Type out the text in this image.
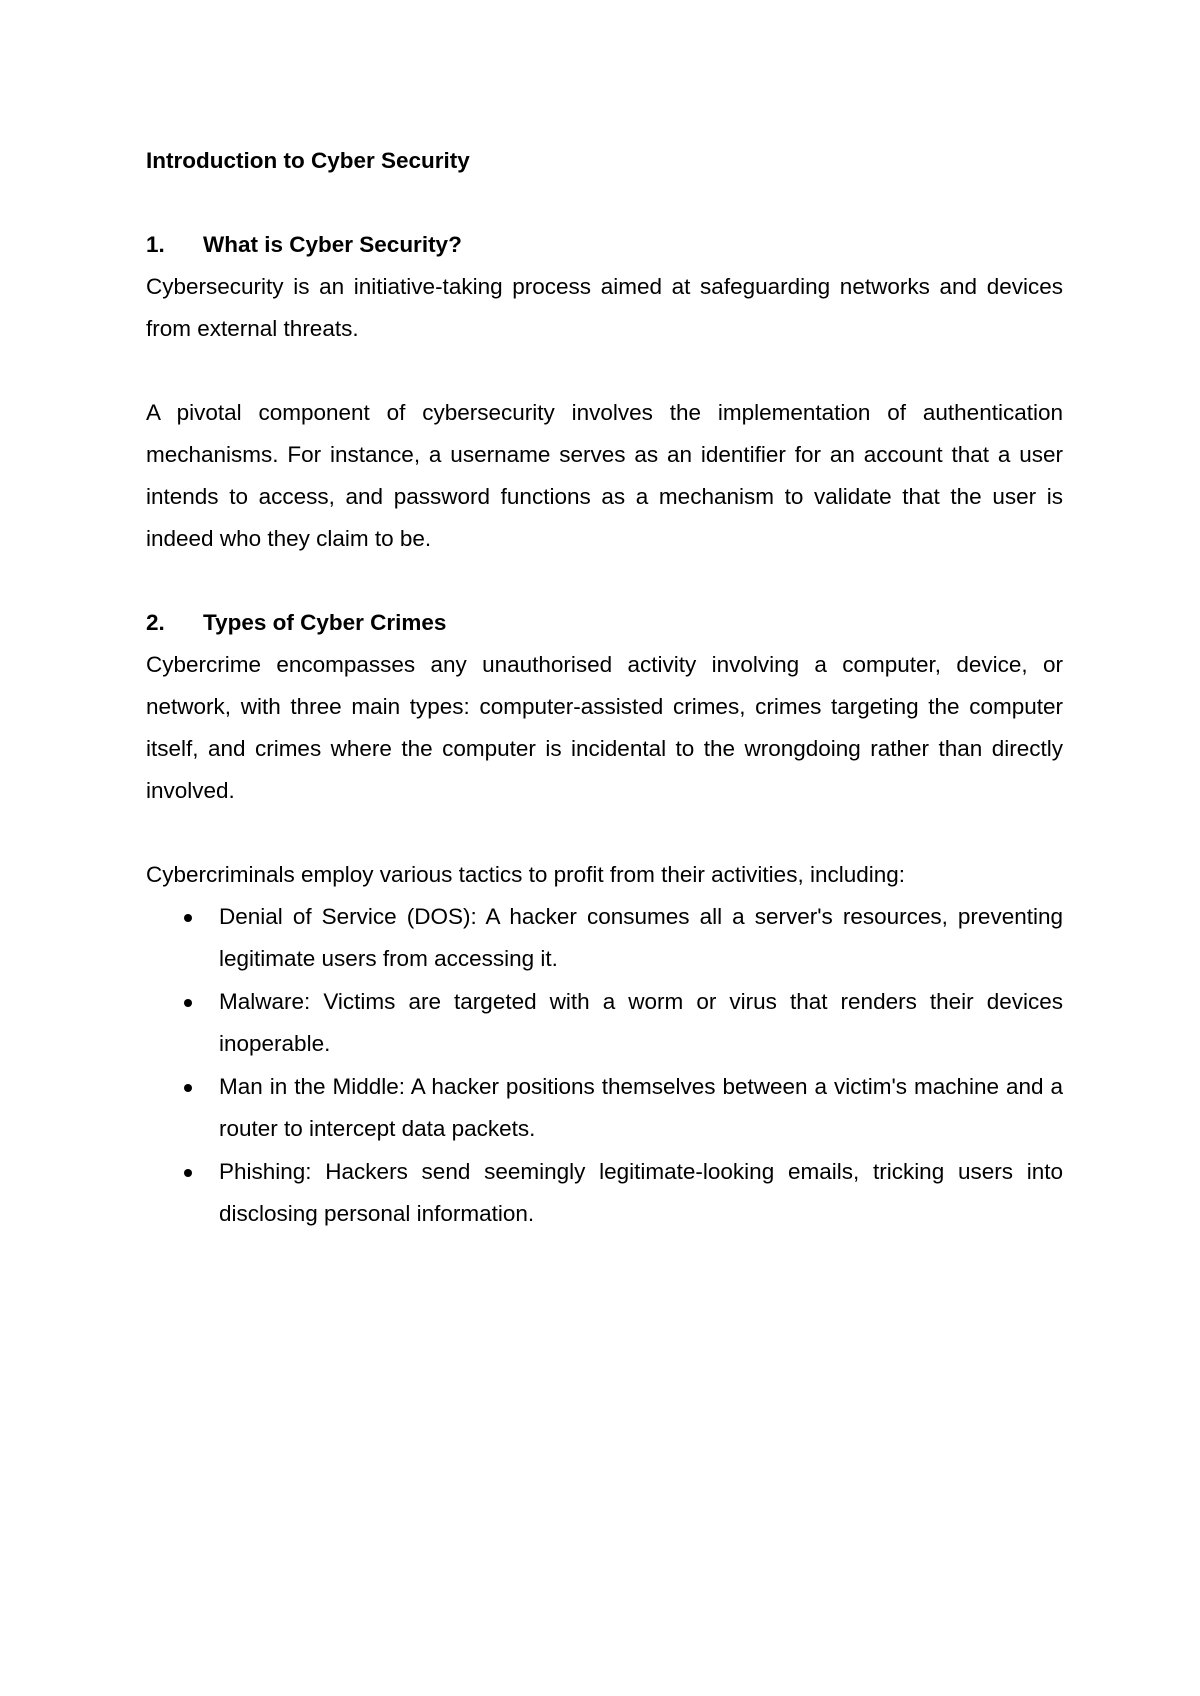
Introduction to Cyber Security

1.	What is Cyber Security?

Cybersecurity is an initiative-taking process aimed at safeguarding networks and devices from external threats.

A pivotal component of cybersecurity involves the implementation of authentication mechanisms. For instance, a username serves as an identifier for an account that a user intends to access, and password functions as a mechanism to validate that the user is indeed who they claim to be.

2.	Types of Cyber Crimes

Cybercrime encompasses any unauthorised activity involving a computer, device, or network, with three main types: computer-assisted crimes, crimes targeting the computer itself, and crimes where the computer is incidental to the wrongdoing rather than directly involved.

Cybercriminals employ various tactics to profit from their activities, including:

Denial of Service (DOS): A hacker consumes all a server's resources, preventing legitimate users from accessing it.
Malware: Victims are targeted with a worm or virus that renders their devices inoperable.
Man in the Middle: A hacker positions themselves between a victim's machine and a router to intercept data packets.
Phishing: Hackers send seemingly legitimate-looking emails, tricking users into disclosing personal information.
